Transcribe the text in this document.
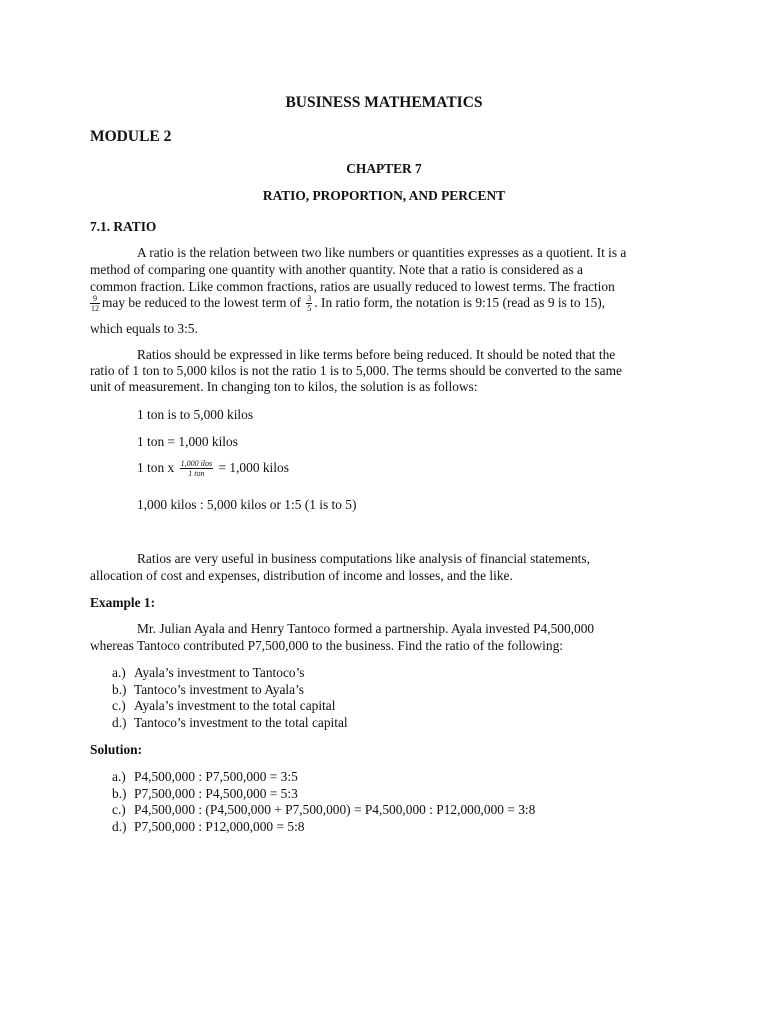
BUSINESS MATHEMATICS
MODULE 2
CHAPTER 7
RATIO, PROPORTION, AND PERCENT
7.1. RATIO
A ratio is the relation between two like numbers or quantities expresses as a quotient. It is a
method of comparing one quantity with another quantity. Note that a ratio is considered as a
common fraction. Like common fractions, ratios are usually reduced to lowest terms. The fraction
$\frac{9}{12}$ may be reduced to the lowest term of $\frac{3}{5}$ . In ratio form, the notation is 9:15 (read as 9 is to 15),
which equals to 3:5.
Ratios should be expressed in like terms before being reduced. It should be noted that the
ratio of 1 ton to 5,000 kilos is not the ratio 1 is to 5,000. The terms should be converted to the same
unit of measurement. In changing ton to kilos, the solution is as follows:
1 ton is to 5,000 kilos
1 ton = 1,000 kilos
1 ton x $\frac{\text{1,000 ilos}}{\text{1 ton}} = 1,000$ kilos
1,000 kilos : 5,000 kilos or 1:5 (1 is to 5)
Ratios are very useful in business computations like analysis of financial statements,
allocation of cost and expenses, distribution of income and losses, and the like.
Example 1:
Mr. Julian Ayala and Henry Tantoco formed a partnership. Ayala invested P4,500,000
whereas Tantoco contributed P7,500,000 to the business. Find the ratio of the following:
a.) Ayala’s investment to Tantoco’s
b.) Tantoco’s investment to Ayala’s
c.) Ayala’s investment to the total capital
d.) Tantoco’s investment to the total capital
Solution:
a.) P4,500,000 : P7,500,000 = 3:5
b.) P7,500,000 : P4,500,000 = 5:3
c.) P4,500,000 : (P4,500,000 + P7,500,000) = P4,500,000 : P12,000,000 = 3:8
d.) P7,500,000 : P12,000,000 = 5:8
